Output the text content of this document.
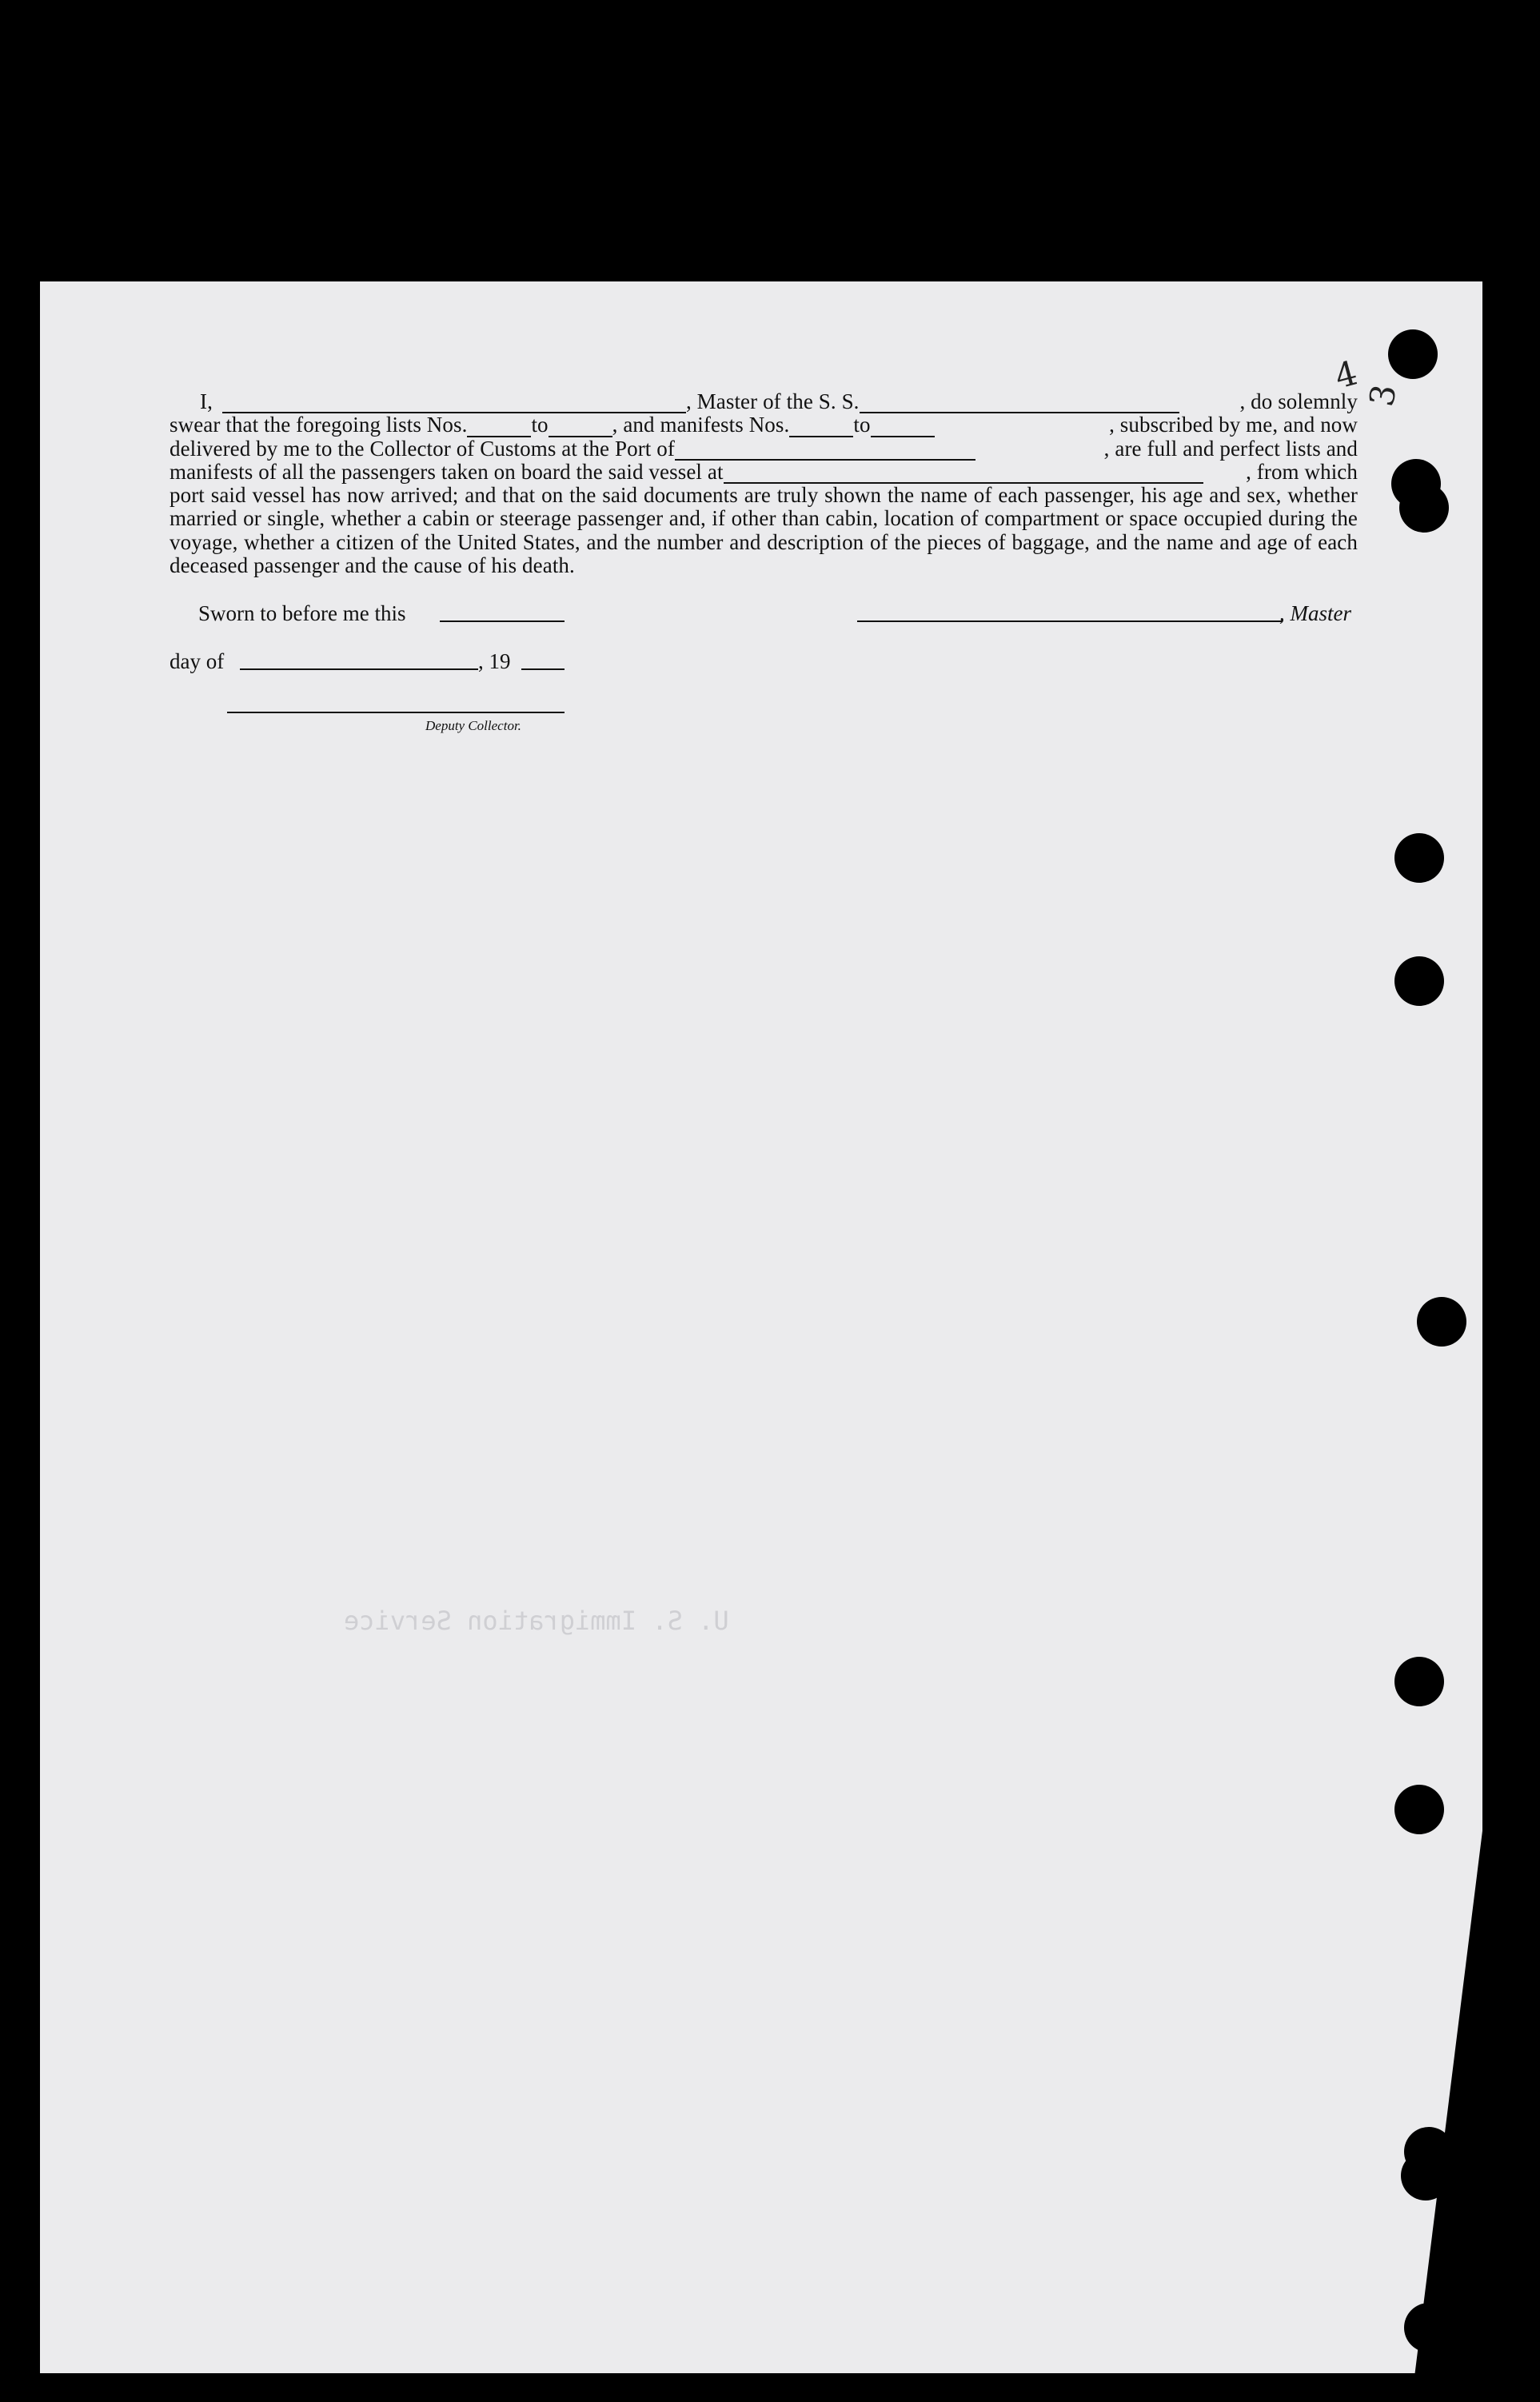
U. S. Immigration Service
I,	, Master of the S. S.	, do solemnly
swear that the foregoing lists Nos.	to	, and manifests Nos.	to	, subscribed by me, and now
delivered by me to the Collector of Customs at the Port of	, are full and perfect lists and
manifests of all the passengers taken on board the said vessel at	, from which
port said vessel has now arrived; and that on the said documents are truly shown the name of each passenger, his age and sex, whether married or single, whether a cabin or steerage passenger and, if other than cabin, location of compartment or space occupied during the voyage, whether a citizen of the United States, and the number and description of the pieces of baggage, and the name and age of each deceased passenger and the cause of his death.
Sworn to before me this	, Master
day of	, 19
Deputy Collector.
4 3
